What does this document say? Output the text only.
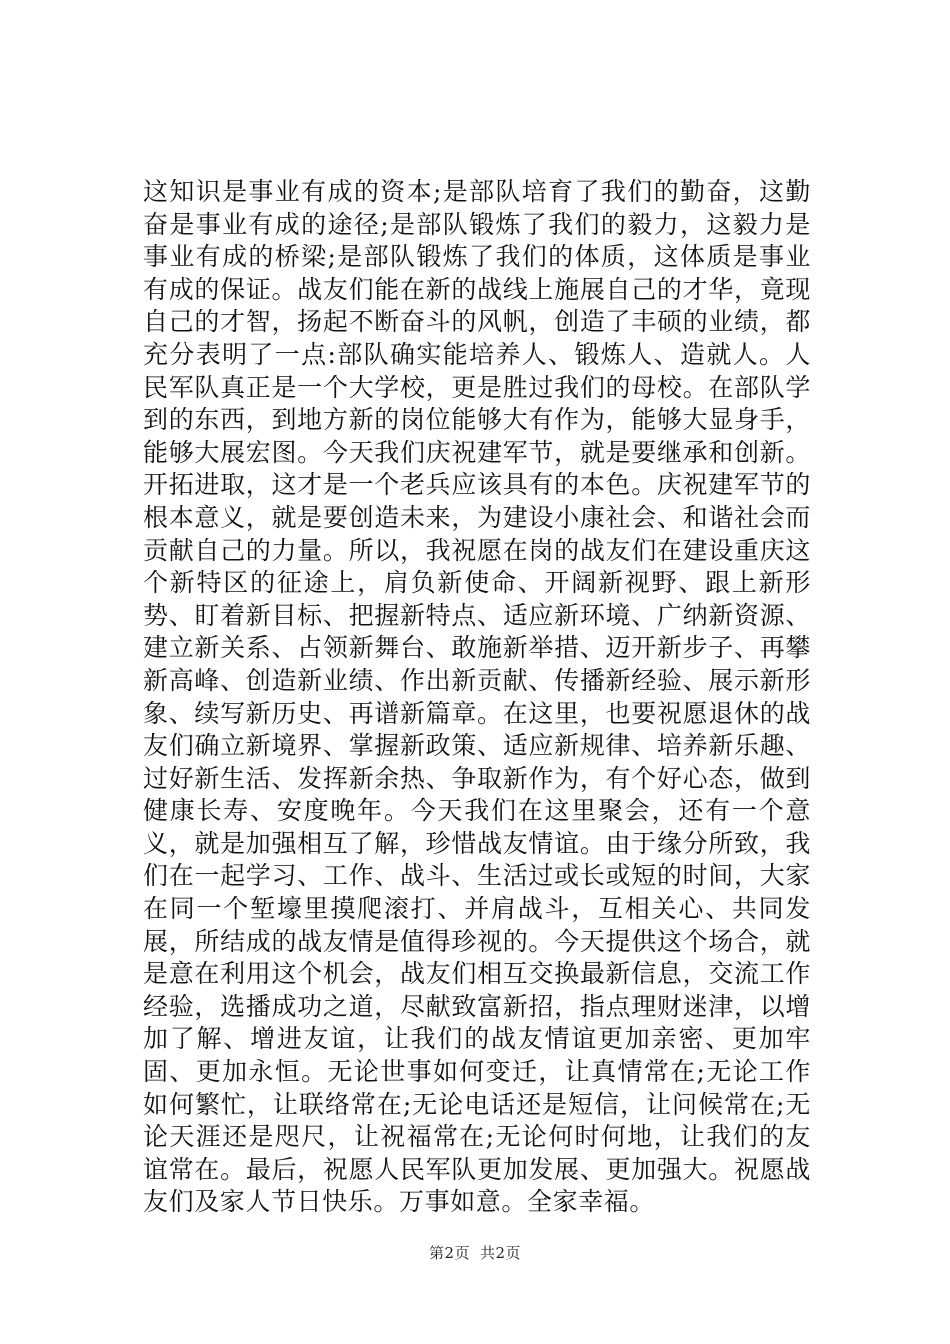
这知识是事业有成的资本;是部队培育了我们的勤奋，这勤奋是事业有成的途径;是部队锻炼了我们的毅力，这毅力是事业有成的桥梁;是部队锻炼了我们的体质，这体质是事业有成的保证。战友们能在新的战线上施展自己的才华，竟现自己的才智，扬起不断奋斗的风帆，创造了丰硕的业绩，都充分表明了一点:部队确实能培养人、锻炼人、造就人。人民军队真正是一个大学校，更是胜过我们的母校。在部队学到的东西，到地方新的岗位能够大有作为，能够大显身手，能够大展宏图。今天我们庆祝建军节，就是要继承和创新。开拓进取，这才是一个老兵应该具有的本色。庆祝建军节的根本意义，就是要创造未来，为建设小康社会、和谐社会而贡献自己的力量。所以，我祝愿在岗的战友们在建设重庆这个新特区的征途上，肩负新使命、开阔新视野、跟上新形势、盯着新目标、把握新特点、适应新环境、广纳新资源、建立新关系、占领新舞台、敢施新举措、迈开新步子、再攀新高峰、创造新业绩、作出新贡献、传播新经验、展示新形象、续写新历史、再谱新篇章。在这里，也要祝愿退休的战友们确立新境界、掌握新政策、适应新规律、培养新乐趣、过好新生活、发挥新余热、争取新作为，有个好心态，做到健康长寿、安度晚年。今天我们在这里聚会，还有一个意义，就是加强相互了解，珍惜战友情谊。由于缘分所致，我们在一起学习、工作、战斗、生活过或长或短的时间，大家在同一个堑壕里摸爬滚打、并肩战斗，互相关心、共同发展，所结成的战友情是值得珍视的。今天提供这个场合，就是意在利用这个机会，战友们相互交换最新信息，交流工作经验，选播成功之道，尽献致富新招，指点理财迷津，以增加了解、增进友谊，让我们的战友情谊更加亲密、更加牢固、更加永恒。无论世事如何变迁，让真情常在;无论工作如何繁忙，让联络常在;无论电话还是短信，让问候常在;无论天涯还是咫尺，让祝福常在;无论何时何地，让我们的友谊常在。最后，祝愿人民军队更加发展、更加强大。祝愿战友们及家人节日快乐。万事如意。全家幸福。

第2页 共2页
